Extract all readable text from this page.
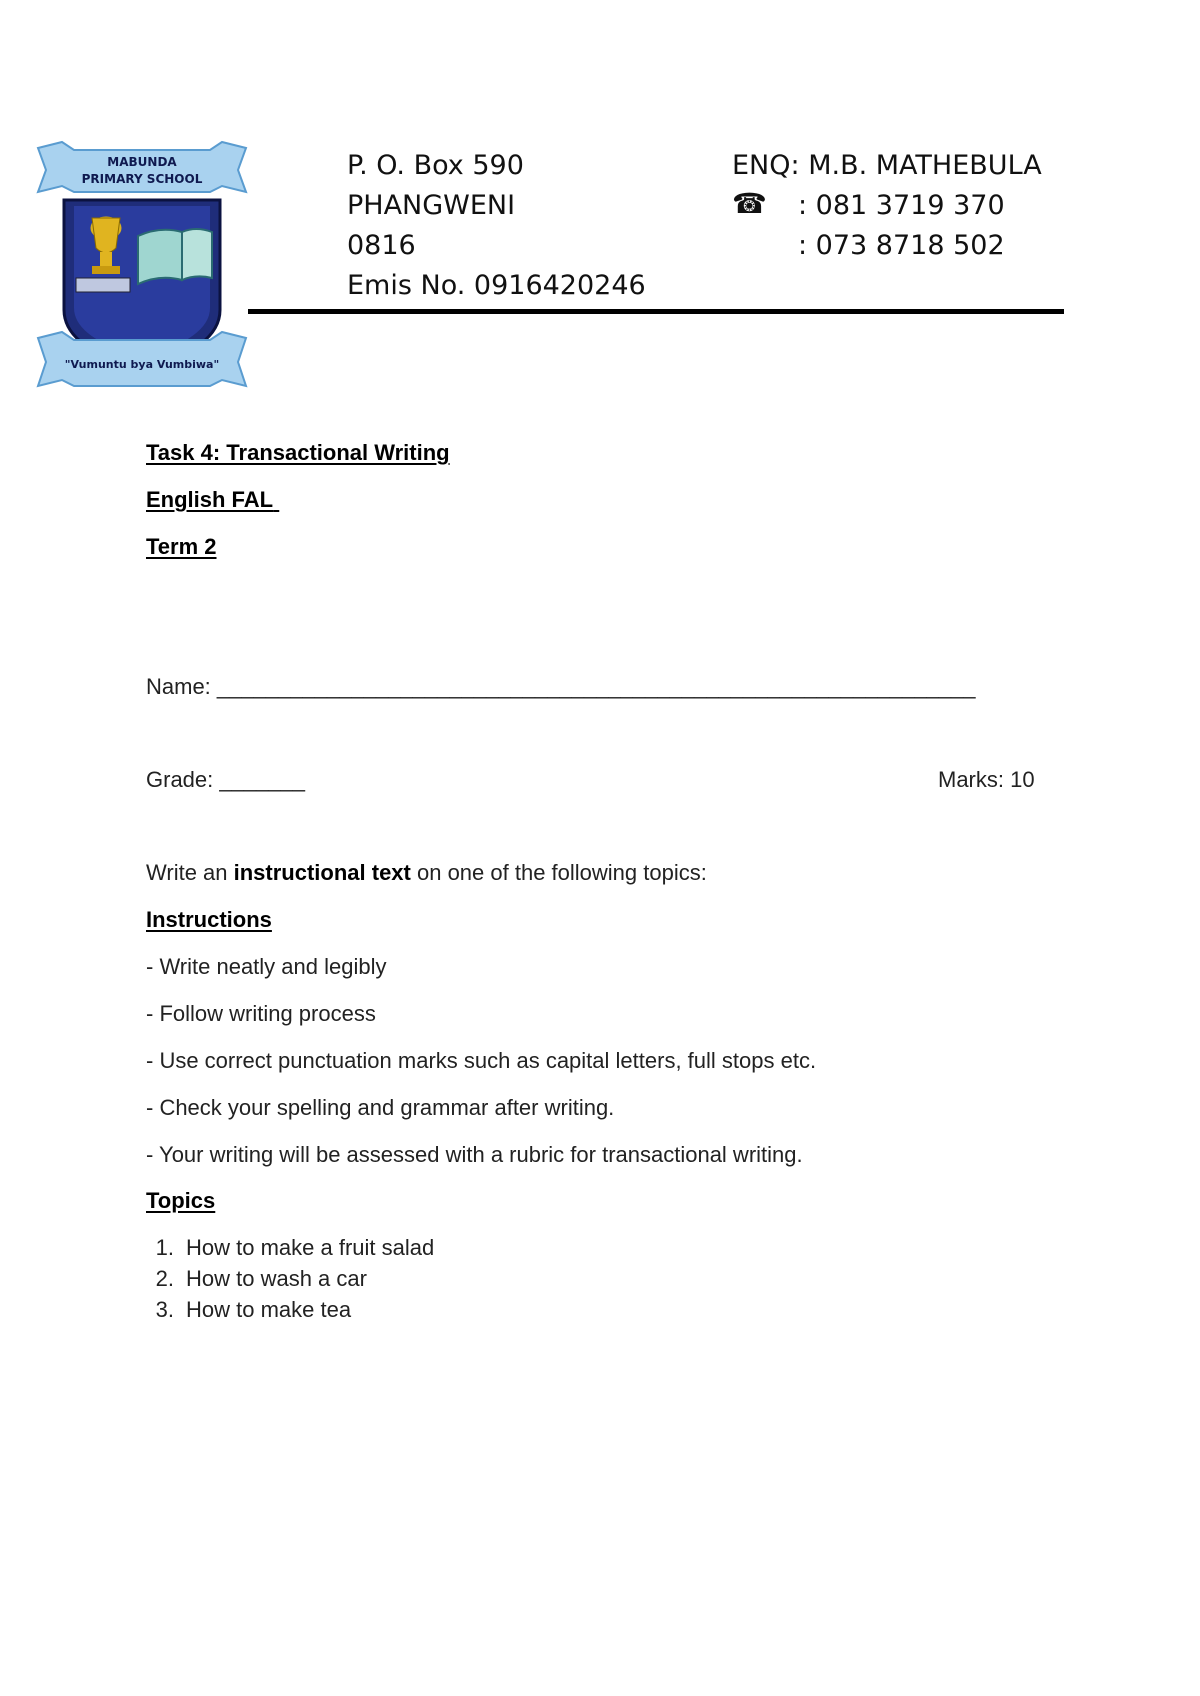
MABUNDA
PRIMARY SCHOOL
"Vumuntu bya Vumbiwa"
P. O. Box 590
PHANGWENI
0816
Emis No. 0916420246
ENQ: M.B. MATHEBULA
☎ : 081 3719 370
: 073 8718 502
Task 4: Transactional Writing
English FAL
Term 2
Name: ______________________________________________________________
Grade: _______	Marks: 10
Write an instructional text on one of the following topics:
Instructions
- Write neatly and legibly
- Follow writing process
- Use correct punctuation marks such as capital letters, full stops etc.
- Check your spelling and grammar after writing.
- Your writing will be assessed with a rubric for transactional writing.
Topics
1. How to make a fruit salad
2. How to wash a car
3. How to make tea
